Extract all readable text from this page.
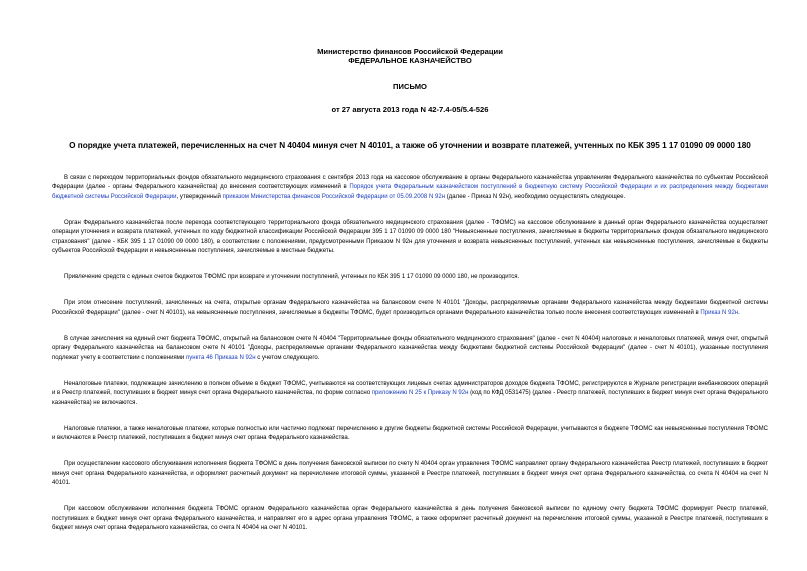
Министерство финансов Российской Федерации
ФЕДЕРАЛЬНОЕ КАЗНАЧЕЙСТВО
ПИСЬМО
от 27 августа 2013 года N 42-7.4-05/5.4-526
О порядке учета платежей, перечисленных на счет N 40404 минуя счет N 40101, а также об уточнении и возврате платежей, учтенных по КБК 395 1 17 01090 09 0000 180

В связи с переходом территориальных фондов обязательного медицинского страхования с сентября 2013 года на кассовое обслуживание в органы Федерального казначейства управлениям Федерального казначейства по субъектам Российской Федерации (далее - органы Федерального казначейства) до внесения соответствующих изменений в Порядок учета Федеральным казначейством поступлений в бюджетную систему Российской Федерации и их распределения между бюджетами бюджетной системы Российской Федерации, утвержденный приказом Министерства финансов Российской Федерации от 05.09.2008 N 92н (далее - Приказ N 92н), необходимо осуществлять следующее.

Орган Федерального казначейства после перехода соответствующего территориального фонда обязательного медицинского страхования (далее - ТФОМС) на кассовое обслуживание в данный орган Федерального казначейства осуществляет операции уточнения и возврата платежей, учтенных по коду бюджетной классификации Российской Федерации 395 1 17 01090 09 0000 180 "Невыясненные поступления, зачисляемые в бюджеты территориальных фондов обязательного медицинского страхования" (далее - КБК 395 1 17 01090 09 0000 180), в соответствии с положениями, предусмотренными Приказом N 92н для уточнения и возврата невыясненных поступлений, учтенных как невыясненные поступления, зачисляемые в бюджеты субъектов Российской Федерации и невыясненные поступления, зачисляемые в местные бюджеты.

Привлечение средств с единых счетов бюджетов ТФОМС при возврате и уточнении поступлений, учтенных по КБК 395 1 17 01090 09 0000 180, не производится.

При этом отнесение поступлений, зачисленных на счета, открытые органам Федерального казначейства на балансовом счете N 40101 "Доходы, распределяемые органами Федерального казначейства между бюджетами бюджетной системы Российской Федерации" (далее - счет N 40101), на невыясненные поступления, зачисляемые в бюджеты ТФОМС, будет производиться органами Федерального казначейства только после внесения соответствующих изменений в Приказ N 92н.

В случае зачисления на единый счет бюджета ТФОМС, открытый на балансовом счете N 40404 "Территориальные фонды обязательного медицинского страхования" (далее - счет N 40404) налоговых и неналоговых платежей, минуя счет, открытый органу Федерального казначейства на балансовом счете N 40101 "Доходы, распределяемые органами Федерального казначейства между бюджетами бюджетной системы Российской Федерации" (далее - счет N 40101), указанные поступления подлежат учету в соответствии с положениями пункта 46 Приказа N 92н с учетом следующего.

Неналоговые платежи, подлежащие зачислению в полном объеме в бюджет ТФОМС, учитываются на соответствующих лицевых счетах администраторов доходов бюджета ТФОМС, регистрируются в Журнале регистрации внебанковских операций и в Реестр платежей, поступивших в бюджет минуя счет органа Федерального казначейства, по форме согласно приложению N 25 к Приказу N 92н (код по КФД 0531475) (далее - Реестр платежей, поступивших в бюджет минуя счет органа Федерального казначейства) не включаются.

Налоговые платежи, а также неналоговые платежи, которые полностью или частично подлежат перечислению в другие бюджеты бюджетной системы Российской Федерации, учитываются в бюджете ТФОМС как невыясненные поступления ТФОМС и включаются в Реестр платежей, поступивших в бюджет минуя счет органа Федерального казначейства.

При осуществлении кассового обслуживания исполнения бюджета ТФОМС в день получения банковской выписки по счету N 40404 орган управления ТФОМС направляет органу Федерального казначейства Реестр платежей, поступивших в бюджет минуя счет органа Федерального казначейства, и оформляет расчетный документ на перечисление итоговой суммы, указанной в Реестре платежей, поступивших в бюджет минуя счет органа Федерального казначейства, со счета N 40404 на счет N 40101.

При кассовом обслуживании исполнения бюджета ТФОМС органом Федерального казначейства орган Федерального казначейства в день получения банковской выписки по единому счету бюджета ТФОМС формирует Реестр платежей, поступивших в бюджет минуя счет органа Федерального казначейства, и направляет его в адрес органа управления ТФОМС, а также оформляет расчетный документ на перечисление итоговой суммы, указанной в Реестре платежей, поступивших в бюджет минуя счет органа Федерального казначейства, со счета N 40404 на счет N 40101.
